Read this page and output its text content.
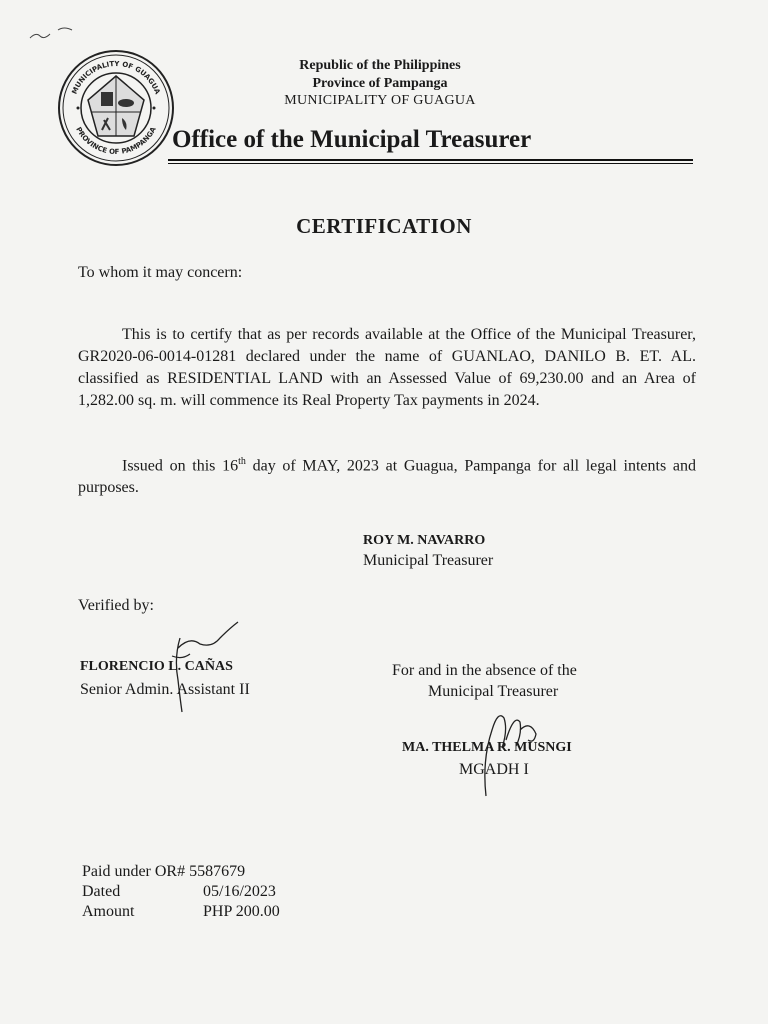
MUNICIPALITY OF GUAGUA
PROVINCE OF PAMPANGA
Republic of the Philippines
Province of Pampanga
MUNICIPALITY OF GUAGUA
Office of the Municipal Treasurer
CERTIFICATION
To whom it may concern:
This is to certify that as per records available at the Office of the Municipal Treasurer, GR2020-06-0014-01281 declared under the name of GUANLAO, DANILO B. ET. AL. classified as RESIDENTIAL LAND with an Assessed Value of 69,230.00 and an Area of 1,282.00 sq. m. will commence its Real Property Tax payments in 2024.
Issued on this 16th day of MAY, 2023 at Guagua, Pampanga for all legal intents and purposes.
ROY M. NAVARRO
Municipal Treasurer
Verified by:
FLORENCIO L. CAÑAS
Senior Admin. Assistant II
For and in the absence of the
Municipal Treasurer
MA. THELMA R. MUSNGI
MGADH I
Paid under OR# 5587679
Dated	05/16/2023
Amount	PHP 200.00
